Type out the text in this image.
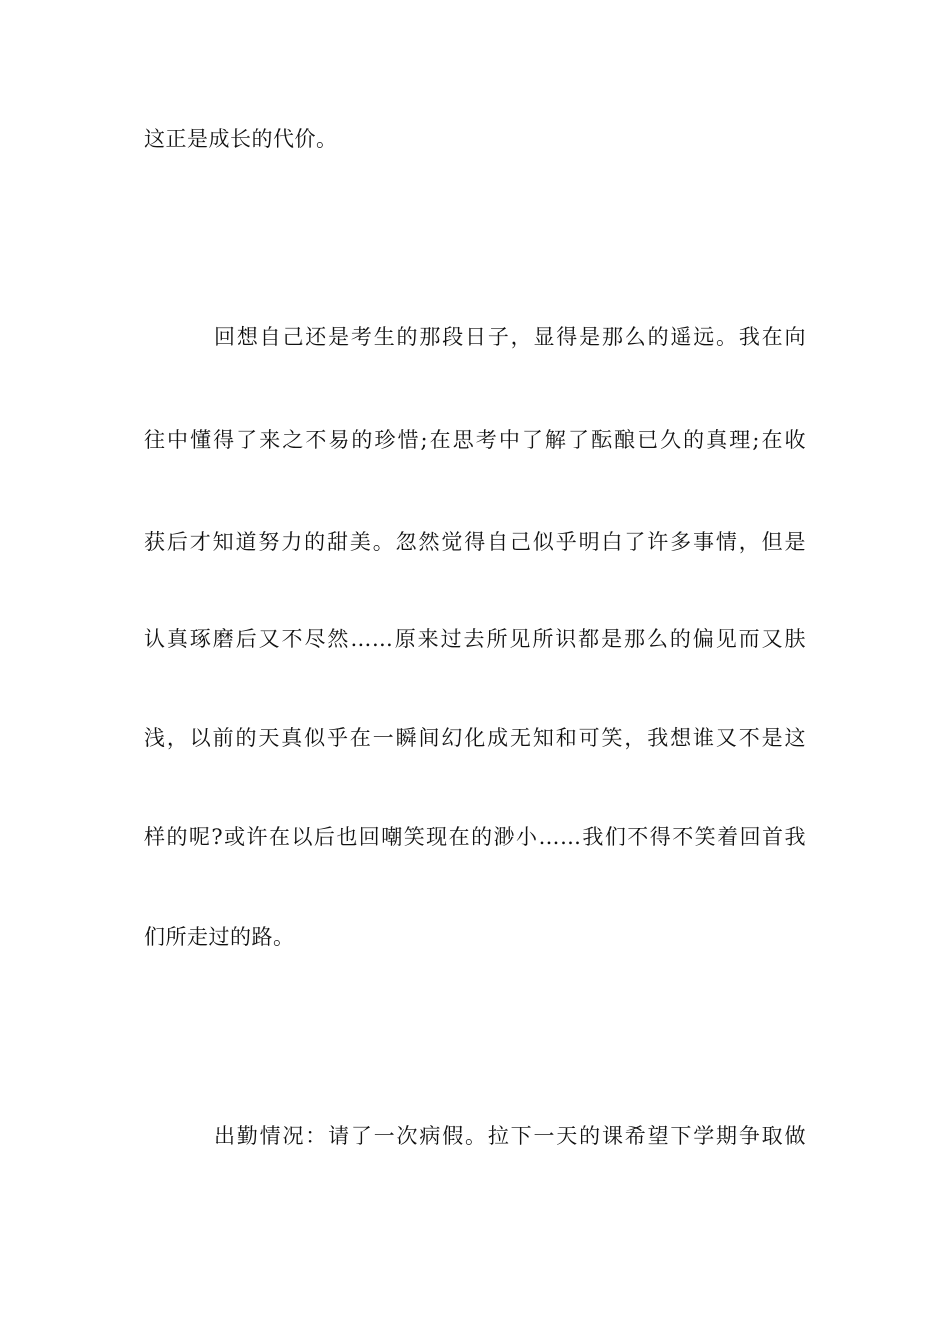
这正是成长的代价。
回想自己还是考生的那段日子，显得是那么的遥远。我在向
往中懂得了来之不易的珍惜;在思考中了解了酝酿已久的真理;在收
获后才知道努力的甜美。忽然觉得自己似乎明白了许多事情，但是
认真琢磨后又不尽然……原来过去所见所识都是那么的偏见而又肤
浅，以前的天真似乎在一瞬间幻化成无知和可笑，我想谁又不是这
样的呢?或许在以后也回嘲笑现在的渺小……我们不得不笑着回首我
们所走过的路。
出勤情况：请了一次病假。拉下一天的课希望下学期争取做
